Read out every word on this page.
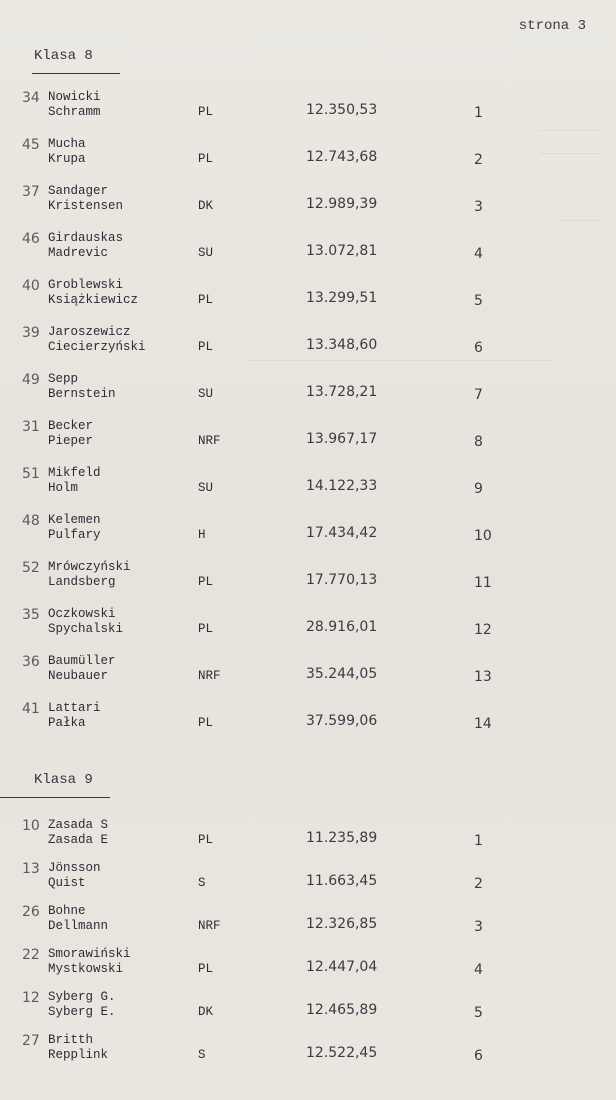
strona 3
Klasa 8
34 Nowicki
Schramm	PL	12.350,53	1
45 Mucha
Krupa	PL	12.743,68	2
37 Sandager
Kristensen	DK	12.989,39	3
46 Girdauskas
Madrevic	SU	13.072,81	4
40 Groblewski
Książkiewicz	PL	13.299,51	5
39 Jaroszewicz
Ciecierzyński	PL	13.348,60	6
49 Sepp
Bernstein	SU	13.728,21	7
31 Becker
Pieper	NRF	13.967,17	8
51 Mikfeld
Holm	SU	14.122,33	9
48 Kelemen
Pulfary	H	17.434,42	10
52 Mrówczyński
Landsberg	PL	17.770,13	11
35 Oczkowski
Spychalski	PL	28.916,01	12
36 Baumüller
Neubauer	NRF	35.244,05	13
41 Lattari
Pałka	PL	37.599,06	14
Klasa 9
10 Zasada S
Zasada E	PL	11.235,89	1
13 Jönsson
Quist	S	11.663,45	2
26 Bohne
Dellmann	NRF	12.326,85	3
22 Smorawiński
Mystkowski	PL	12.447,04	4
12 Syberg G.
Syberg E.	DK	12.465,89	5
27 Britth
Repplink	S	12.522,45	6
